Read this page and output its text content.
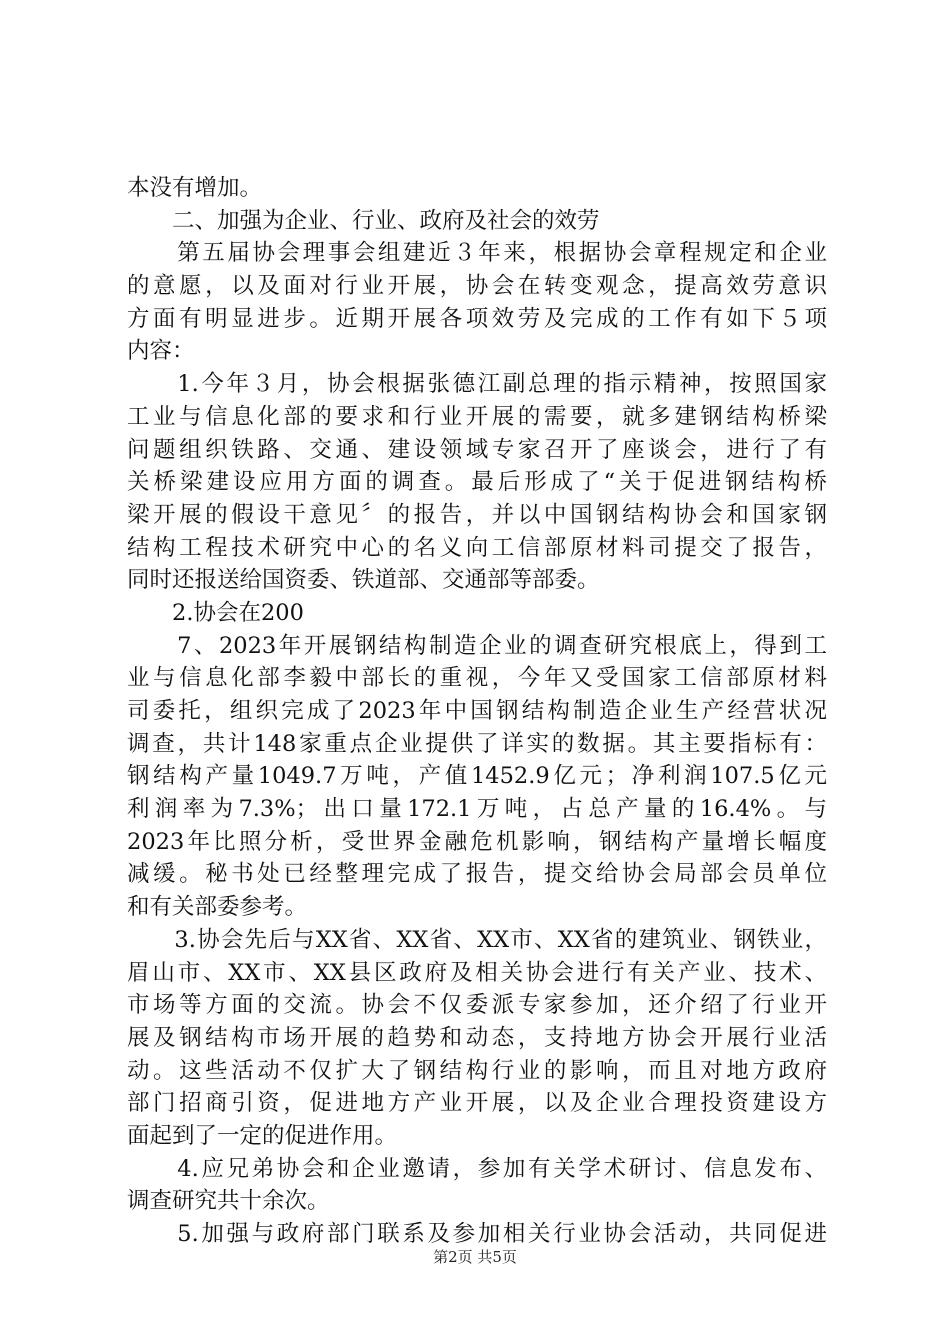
本没有增加。
　　二、加强为企业、行业、政府及社会的效劳
　　第五届协会理事会组建近３年来，根据协会章程规定和企业
的意愿，以及面对行业开展，协会在转变观念，提高效劳意识
方面有明显进步。近期开展各项效劳及完成的工作有如下５项
内容：
　　1.今年３月，协会根据张德江副总理的指示精神，按照国家
工业与信息化部的要求和行业开展的需要，就多建钢结构桥梁
问题组织铁路、交通、建设领域专家召开了座谈会，进行了有
关桥梁建设应用方面的调查。最后形成了“关于促进钢结构桥
梁开展的假设干意见〞的报告，并以中国钢结构协会和国家钢
结构工程技术研究中心的名义向工信部原材料司提交了报告，
同时还报送给国资委、铁道部、交通部等部委。
　　2.协会在200
　　7、2023年开展钢结构制造企业的调查研究根底上，得到工
业与信息化部李毅中部长的重视，今年又受国家工信部原材料
司委托，组织完成了2023年中国钢结构制造企业生产经营状况
调查，共计148家重点企业提供了详实的数据。其主要指标有：
钢结构产量1049.7万吨，产值1452.9亿元；净利润107.5亿元
利润率为7.3%；出口量172.1万吨，占总产量的16.4%。与
2023年比照分析，受世界金融危机影响，钢结构产量增长幅度
减缓。秘书处已经整理完成了报告，提交给协会局部会员单位
和有关部委参考。
　　3.协会先后与XX省、XX省、XX市、XX省的建筑业、钢铁业，
眉山市、XX市、XX县区政府及相关协会进行有关产业、技术、
市场等方面的交流。协会不仅委派专家参加，还介绍了行业开
展及钢结构市场开展的趋势和动态，支持地方协会开展行业活
动。这些活动不仅扩大了钢结构行业的影响，而且对地方政府
部门招商引资，促进地方产业开展，以及企业合理投资建设方
面起到了一定的促进作用。
　　4.应兄弟协会和企业邀请，参加有关学术研讨、信息发布、
调查研究共十余次。
　　5.加强与政府部门联系及参加相关行业协会活动，共同促进
第2页 共5页
